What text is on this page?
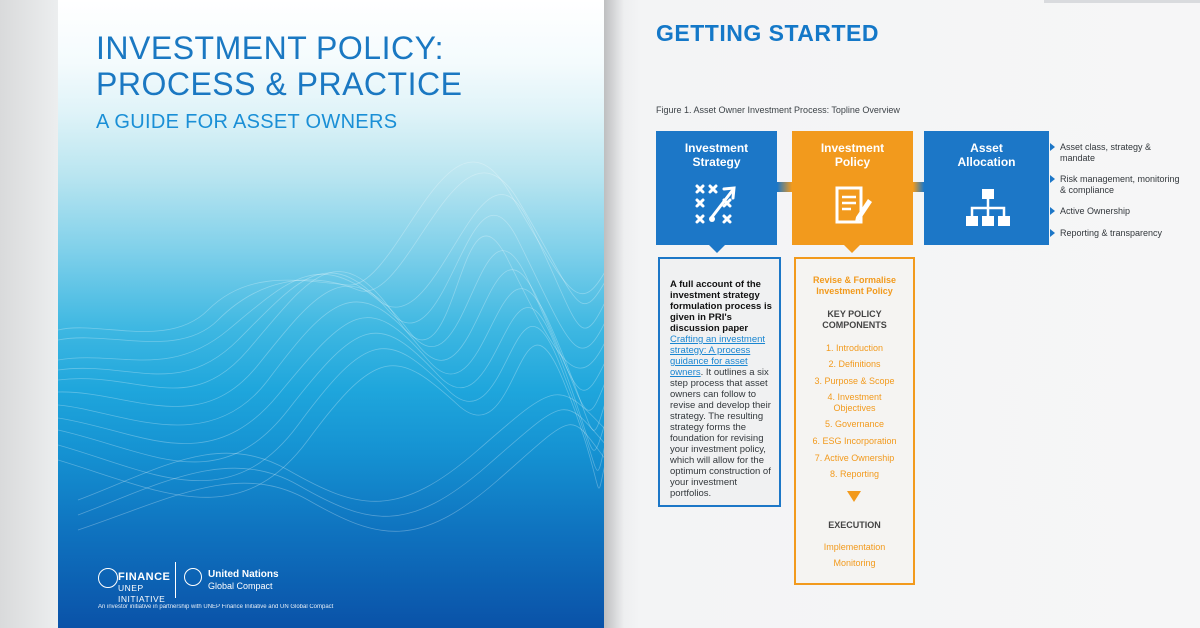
INVESTMENT POLICY:
PROCESS & PRACTICE
A GUIDE FOR ASSET OWNERS
FINANCE
UNEP INITIATIVE
United Nations
Global Compact
An investor initiative in partnership with UNEP Finance Initiative and UN Global Compact
GETTING STARTED
Figure 1. Asset Owner Investment Process: Topline Overview
Investment
Strategy
Investment
Policy
Asset
Allocation
Asset class, strategy & mandate
Risk management, monitoring & compliance
Active Ownership
Reporting & transparency
A full account of the investment strategy formulation process is given in PRI's discussion paper Crafting an investment strategy: A process guidance for asset owners. It outlines a six step process that asset owners can follow to revise and develop their strategy. The resulting strategy forms the foundation for revising your investment policy, which will allow for the optimum construction of your investment portfolios.
Revise & Formalise
Investment Policy
KEY POLICY
COMPONENTS
1. Introduction
2. Definitions
3. Purpose & Scope
4. Investment
Objectives
5. Governance
6. ESG Incorporation
7. Active Ownership
8. Reporting
EXECUTION
Implementation
Monitoring
